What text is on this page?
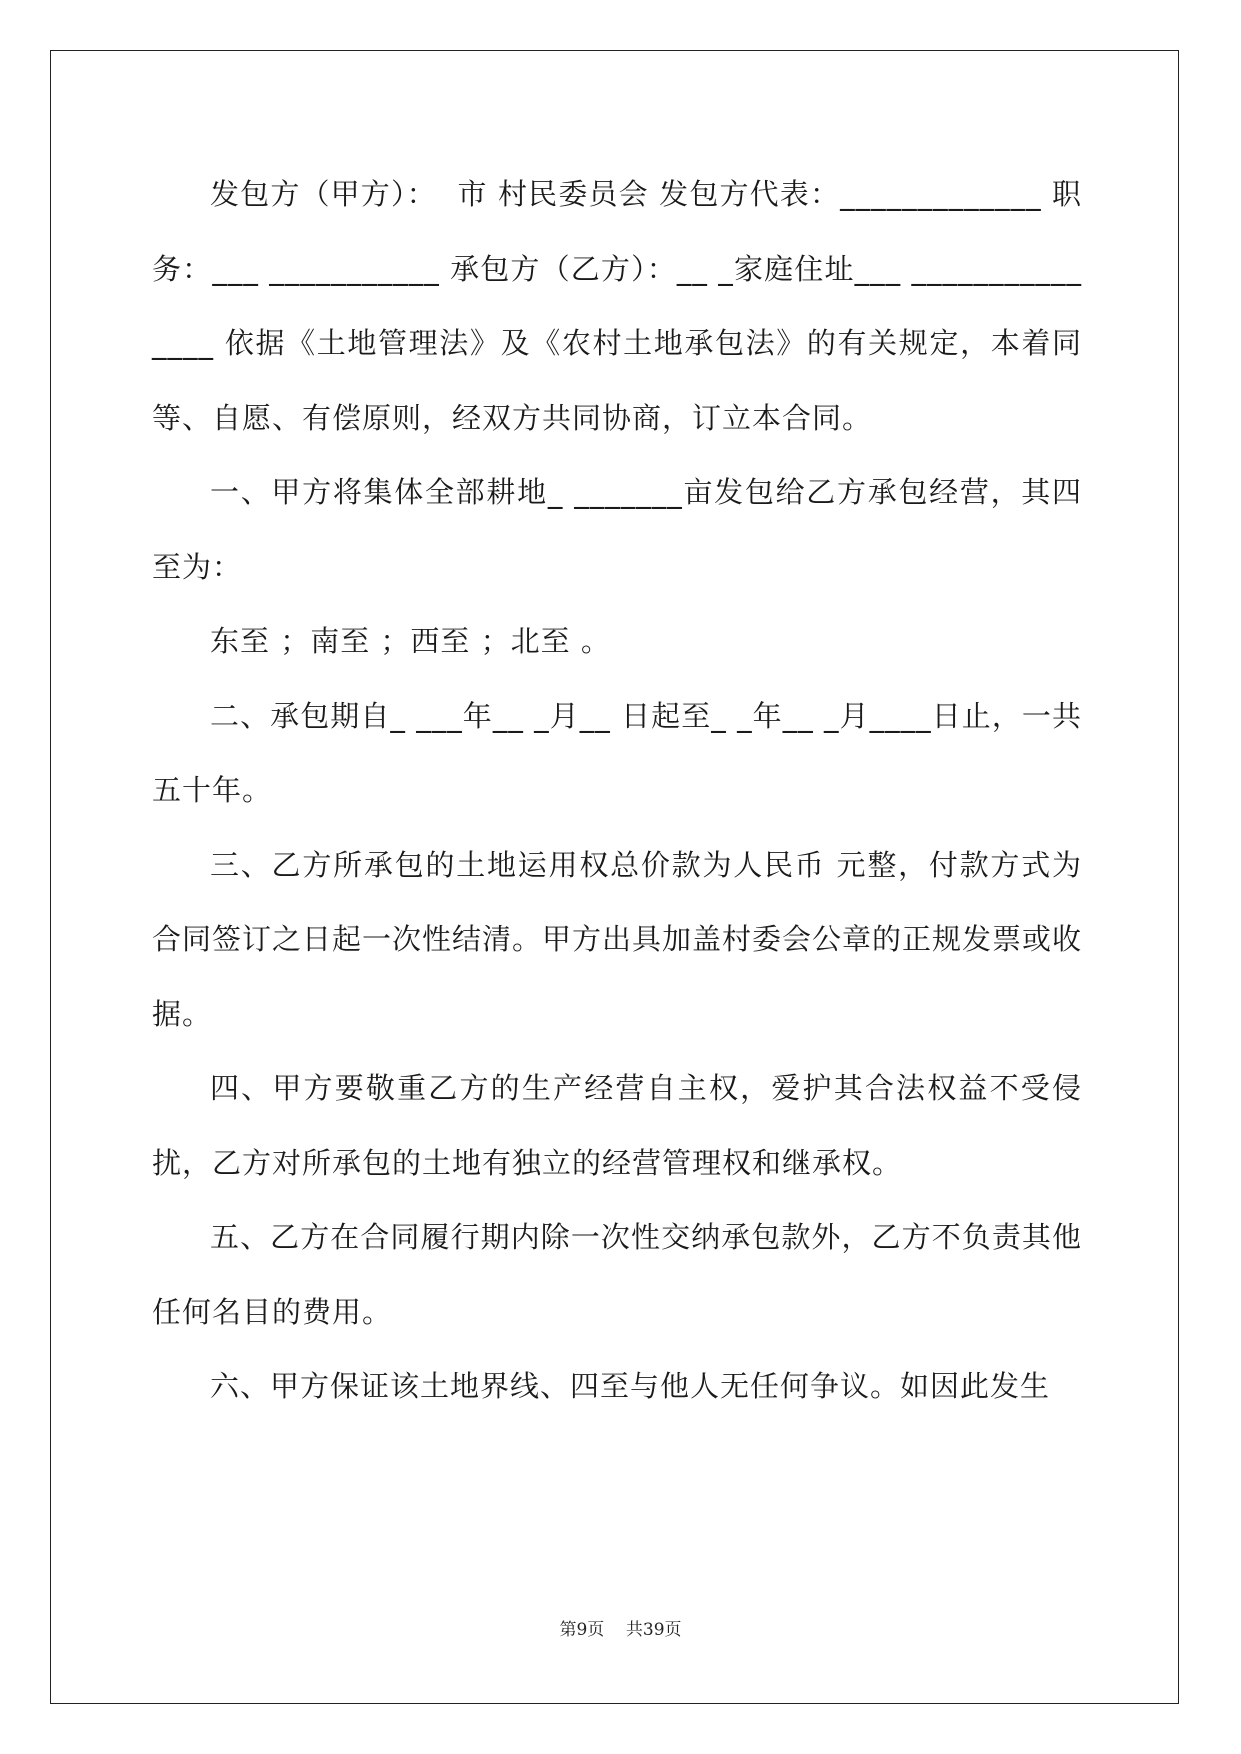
发包方（甲方）：  市 村民委员会 发包方代表：_____________ 职务：___ ___________ 承包方（乙方）：__ _家庭住址___ ___________ ____ 依据《土地管理法》及《农村土地承包法》的有关规定，本着同等、自愿、有偿原则，经双方共同协商，订立本合同。

一、甲方将集体全部耕地_ _______亩发包给乙方承包经营，其四至为：

东至 ；南至 ；西至 ；北至 。

二、承包期自_ ___年__ _月__ 日起至_ _年__ _月____日止，一共五十年。

三、乙方所承包的土地运用权总价款为人民币 元整，付款方式为合同签订之日起一次性结清。甲方出具加盖村委会公章的正规发票或收据。

四、甲方要敬重乙方的生产经营自主权，爱护其合法权益不受侵扰，乙方对所承包的土地有独立的经营管理权和继承权。

五、乙方在合同履行期内除一次性交纳承包款外，乙方不负责其他任何名目的费用。

六、甲方保证该土地界线、四至与他人无任何争议。如因此发生

第9页 共39页
